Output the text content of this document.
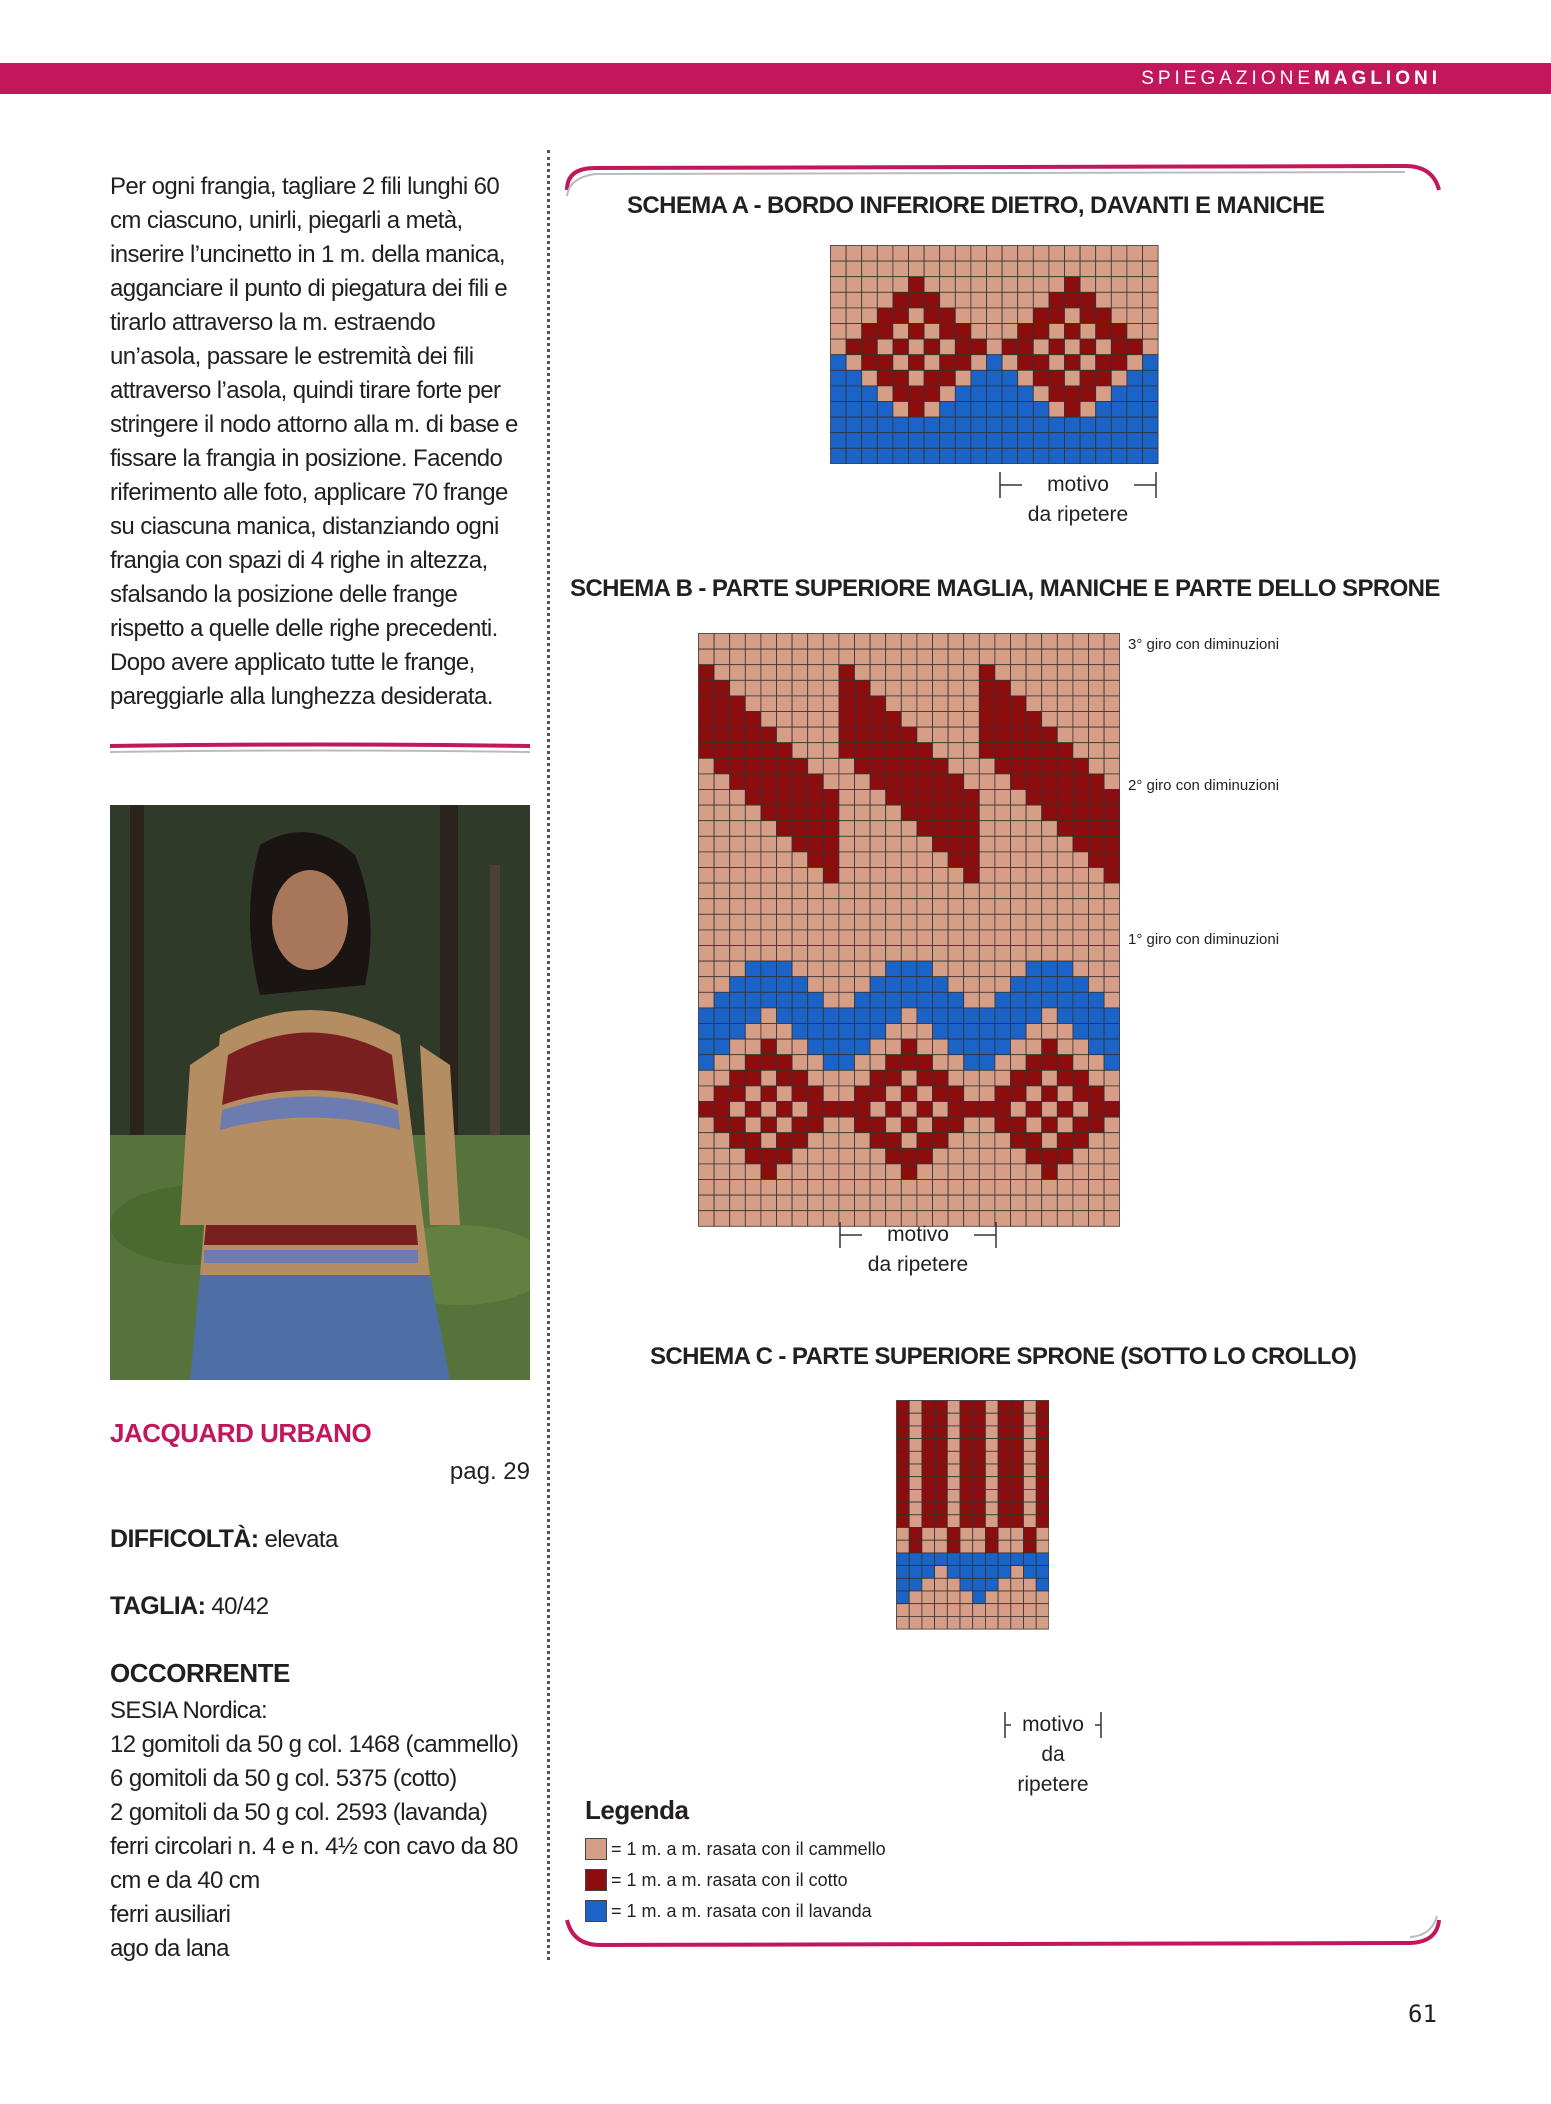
SPIEGAZIONEMAGLIONI

Per ogni frangia, tagliare 2 fili lunghi 60 cm ciascuno, unirli, piegarli a metà, inserire l’uncinetto in 1 m. della manica, agganciare il punto di piegatura dei fili e tirarlo attraverso la m. estraendo un’asola, passare le estremità dei fili attraverso l’asola, quindi tirare forte per stringere il nodo attorno alla m. di base e fissare la frangia in posizione. Facendo riferimento alle foto, applicare 70 frange su ciascuna manica, distanziando ogni frangia con spazi di 4 righe in altezza, sfalsando la posizione delle frange rispetto a quelle delle righe precedenti. Dopo avere applicato tutte le frange, pareggiarle alla lunghezza desiderata.

JACQUARD URBANO
pag. 29
DIFFICOLTÀ: elevata
TAGLIA: 40/42
OCCORRENTE
SESIA Nordica:
12 gomitoli da 50 g col. 1468 (cammello)
6 gomitoli da 50 g col. 5375 (cotto)
2 gomitoli da 50 g col. 2593 (lavanda)
ferri circolari n. 4 e n. 4½ con cavo da 80 cm e da 40 cm
ferri ausiliari
ago da lana
SCHEMA A - BORDO INFERIORE DIETRO, DAVANTI E MANICHE
motivo
da ripetere
SCHEMA B - PARTE SUPERIORE MAGLIA, MANICHE E PARTE DELLO SPRONE
3° giro con diminuzioni
2° giro con diminuzioni
1° giro con diminuzioni
motivo
da ripetere
SCHEMA C - PARTE SUPERIORE SPRONE (SOTTO LO CROLLO)
motivo
da ripetere
Legenda
= 1 m. a m. rasata con il cammello
= 1 m. a m. rasata con il cotto
= 1 m. a m. rasata con il lavanda
61
